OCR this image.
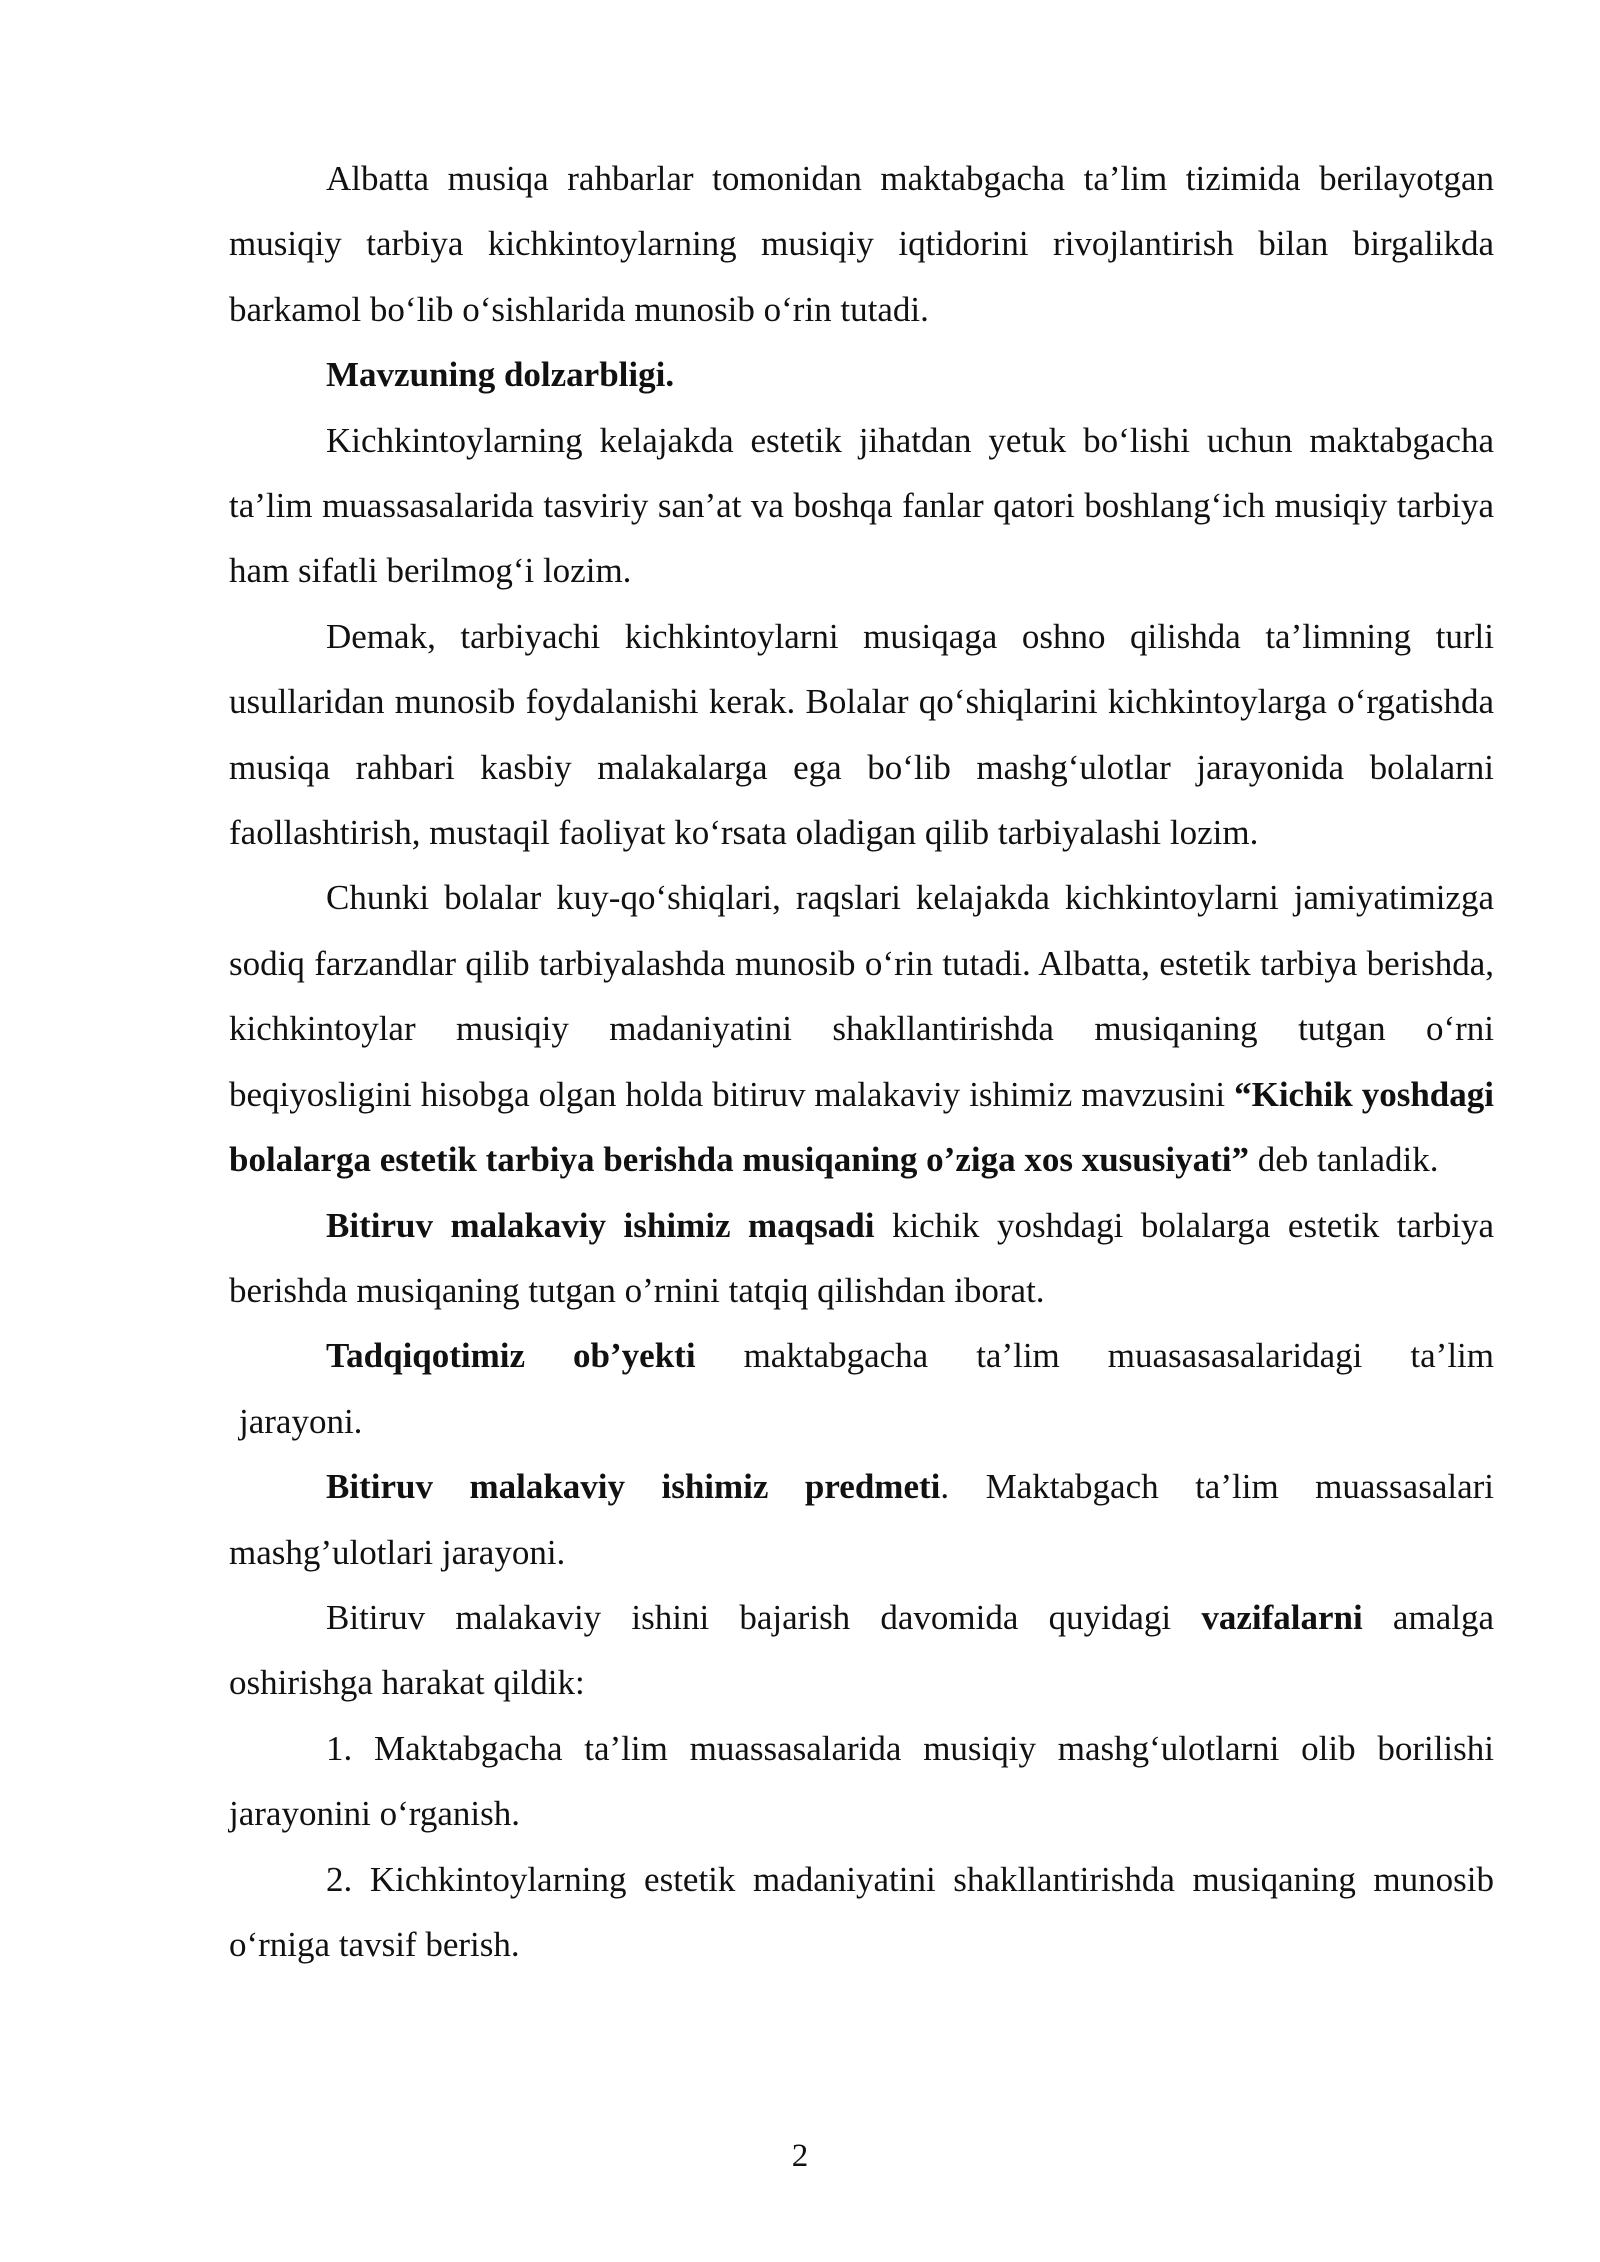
Albatta musiqa rahbarlar tomonidan maktabgacha ta’lim tizimida berilayotgan musiqiy tarbiya kichkintoylarning musiqiy iqtidorini rivojlantirish bilan birgalikda barkamol bo‘lib o‘sishlarida munosib o‘rin tutadi.

Mavzuning dolzarbligi.

Kichkintoylarning kelajakda estetik jihatdan yetuk bo‘lishi uchun maktabgacha ta’lim muassasalarida tasviriy san’at va boshqa fanlar qatori boshlang‘ich musiqiy tarbiya ham sifatli berilmog‘i lozim.

Demak, tarbiyachi kichkintoylarni musiqaga oshno qilishda ta’limning turli usullaridan munosib foydalanishi kerak. Bolalar qo‘shiqlarini kichkintoylarga o‘rgatishda musiqa rahbari kasbiy malakalarga ega bo‘lib mashg‘ulotlar jarayonida bolalarni faollashtirish, mustaqil faoliyat ko‘rsata oladigan qilib tarbiyalashi lozim.

Chunki bolalar kuy-qo‘shiqlari, raqslari kelajakda kichkintoylarni jamiyatimizga sodiq farzandlar qilib tarbiyalashda munosib o‘rin tutadi. Albatta, estetik tarbiya berishda, kichkintoylar musiqiy madaniyatini shakllantirishda musiqaning tutgan o‘rni beqiyosligini hisobga olgan holda bitiruv malakaviy ishimiz mavzusini “Kichik yoshdagi bolalarga estetik tarbiya berishda musiqaning o’ziga xos xususiyati” deb tanladik.

Bitiruv malakaviy ishimiz maqsadi kichik yoshdagi bolalarga estetik tarbiya berishda musiqaning tutgan o’rnini tatqiq qilishdan iborat.

Tadqiqotimiz ob’yekti maktabgacha ta’lim muasasasalaridagi ta’lim

jarayoni.

Bitiruv malakaviy ishimiz predmeti. Maktabgach ta’lim muassasalari mashg’ulotlari jarayoni.

Bitiruv malakaviy ishini bajarish davomida quyidagi vazifalarni amalga oshirishga harakat qildik:

1. Maktabgacha ta’lim muassasalarida musiqiy mashg‘ulotlarni olib borilishi jarayonini o‘rganish.

2. Kichkintoylarning estetik madaniyatini shakllantirishda musiqaning munosib o‘rniga tavsif berish.

2
